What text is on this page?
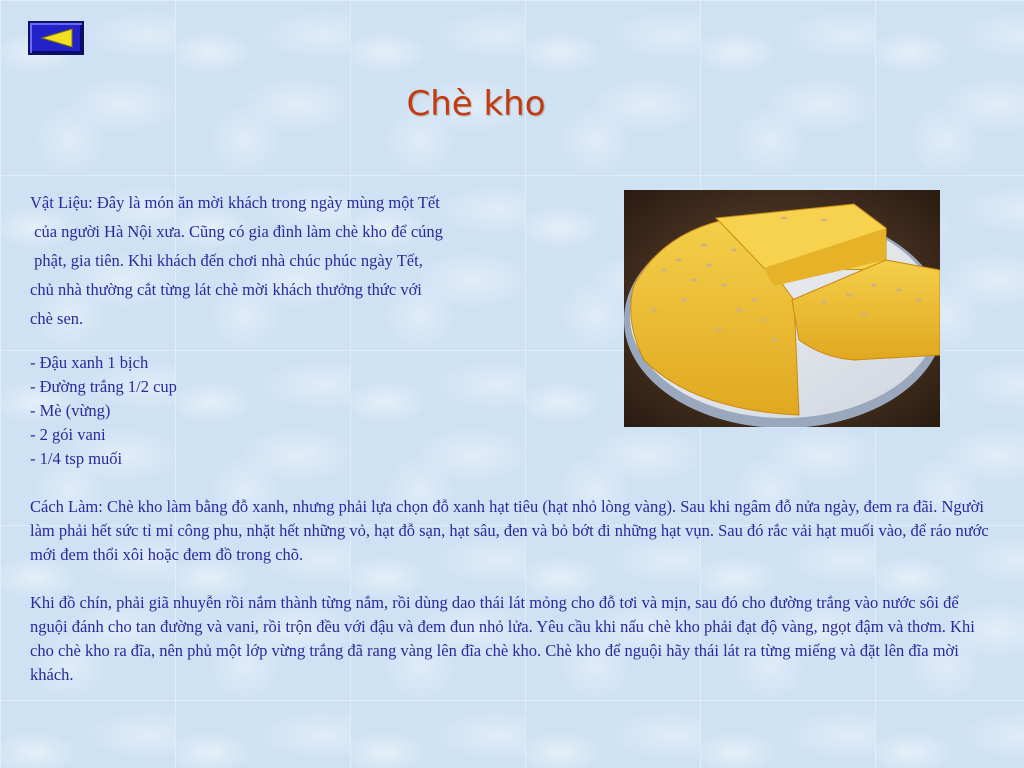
Chè kho

Vật Liệu: Đây là món ăn mời khách trong ngày mùng một Tết

của người Hà Nội xưa. Cũng có gia đình làm chè kho để cúng

phật, gia tiên. Khi khách đến chơi nhà chúc phúc ngày Tết,

chủ nhà thường cắt từng lát chè mời khách thưởng thức với

chè sen.

- Đậu xanh 1 bịch
- Đường trắng 1/2 cup
- Mè (vừng)
- 2 gói vani
- 1/4 tsp muối

Cách Làm: Chè kho làm bằng đỗ xanh, nhưng phải lựa chọn đỗ xanh hạt tiêu (hạt nhỏ lòng vàng). Sau khi ngâm đỗ nửa ngày, đem ra đãi. Người làm phải hết sức tỉ mỉ công phu, nhặt hết những vỏ, hạt đỗ sạn, hạt sâu, đen và bỏ bớt đi những hạt vụn. Sau đó rắc vải hạt muối vào, để ráo nước mới đem thổi xôi hoặc đem đồ trong chõ.

Khi đồ chín, phải giã nhuyễn rồi nắm thành từng nắm, rồi dùng dao thái lát mỏng cho đỗ tơi và mịn, sau đó cho đường trắng vào nước sôi để nguội đánh cho tan đường và vani, rồi trộn đều với đậu và đem đun nhỏ lửa. Yêu cầu khi nấu chè kho phải đạt độ vàng, ngọt đậm và thơm. Khi cho chè kho ra đĩa, nên phủ một lớp vừng trắng đã rang vàng lên đĩa chè kho. Chè kho để nguội hãy thái lát ra từng miếng và đặt lên đĩa mời khách.
